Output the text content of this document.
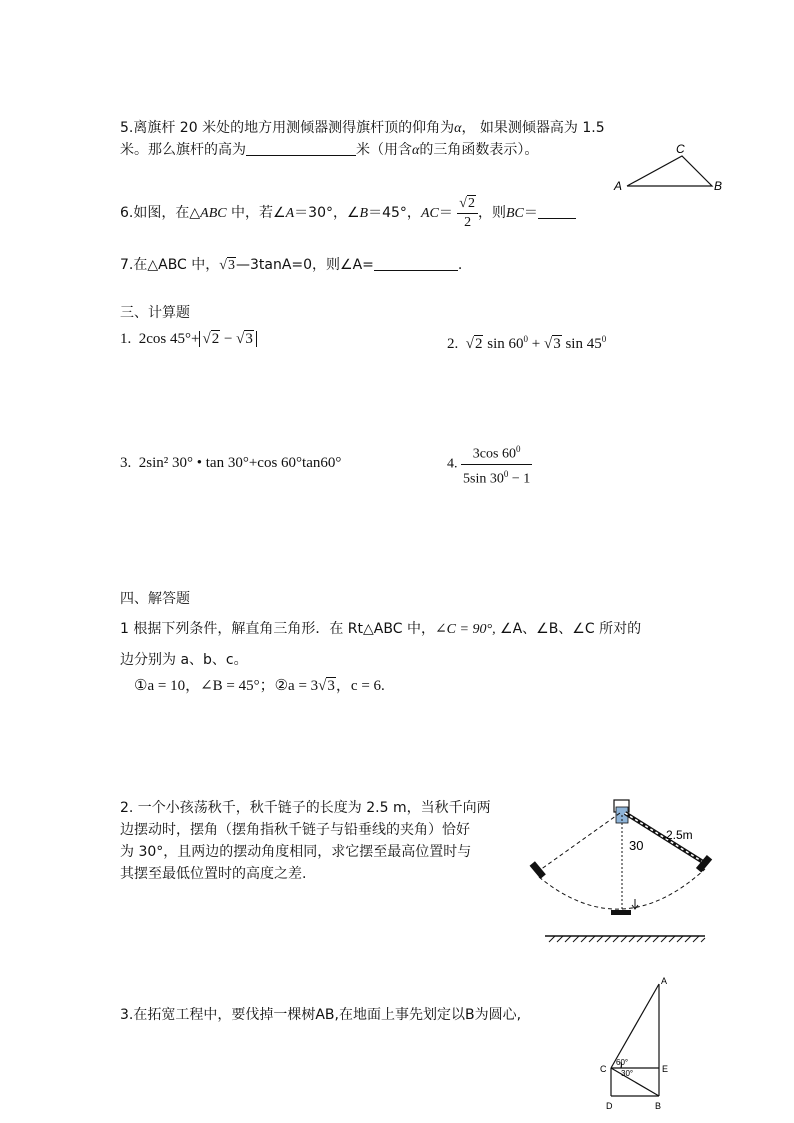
5.离旗杆 20 米处的地方用测倾器测得旗杆顶的仰角为α， 如果测倾器高为 1.5
米。那么旗杆的高为	米（用含α的三角函数表示）。	C
A	B
6.如图，在△ABC 中，若∠A＝30°，∠B＝45°，$AC= \frac{√2}{2}$ ，则BC＝
7.在△ABC 中，√3—3tanA=0，则∠A=	.
三、计算题
1. 2cos 45°+ √2 − √3	2.  √2 $\sin 60^0 + √3$ $\sin 45^0$
3. 2sin² 30° • tan 30°+cos 60°tan60°	4. $\frac{3\cos 60^0}{5\sin 30^0 - 1}$
四、解答题
1 根据下列条件，解直角三角形．在 Rt△ABC 中，∠C = 90°, ∠A、∠B、∠C 所对的
边分别为 a、b、c。
①a = 10，∠B = 45°；②a = 3√3，c = 6.
2. 一个小孩荡秋千，秋千链子的长度为 2.5 m，当秋千向两
边摆动时，摆角（摆角指秋千链子与铅垂线的夹角）恰好
为 30°，且两边的摆动角度相同，求它摆至最高位置时与
其摆至最低位置时的高度之差.
2.5m
30
3.在拓宽工程中，要伐掉一棵树AB,在地面上事先划定以B为圆心,
A
C	E
D	B
60°
30°
